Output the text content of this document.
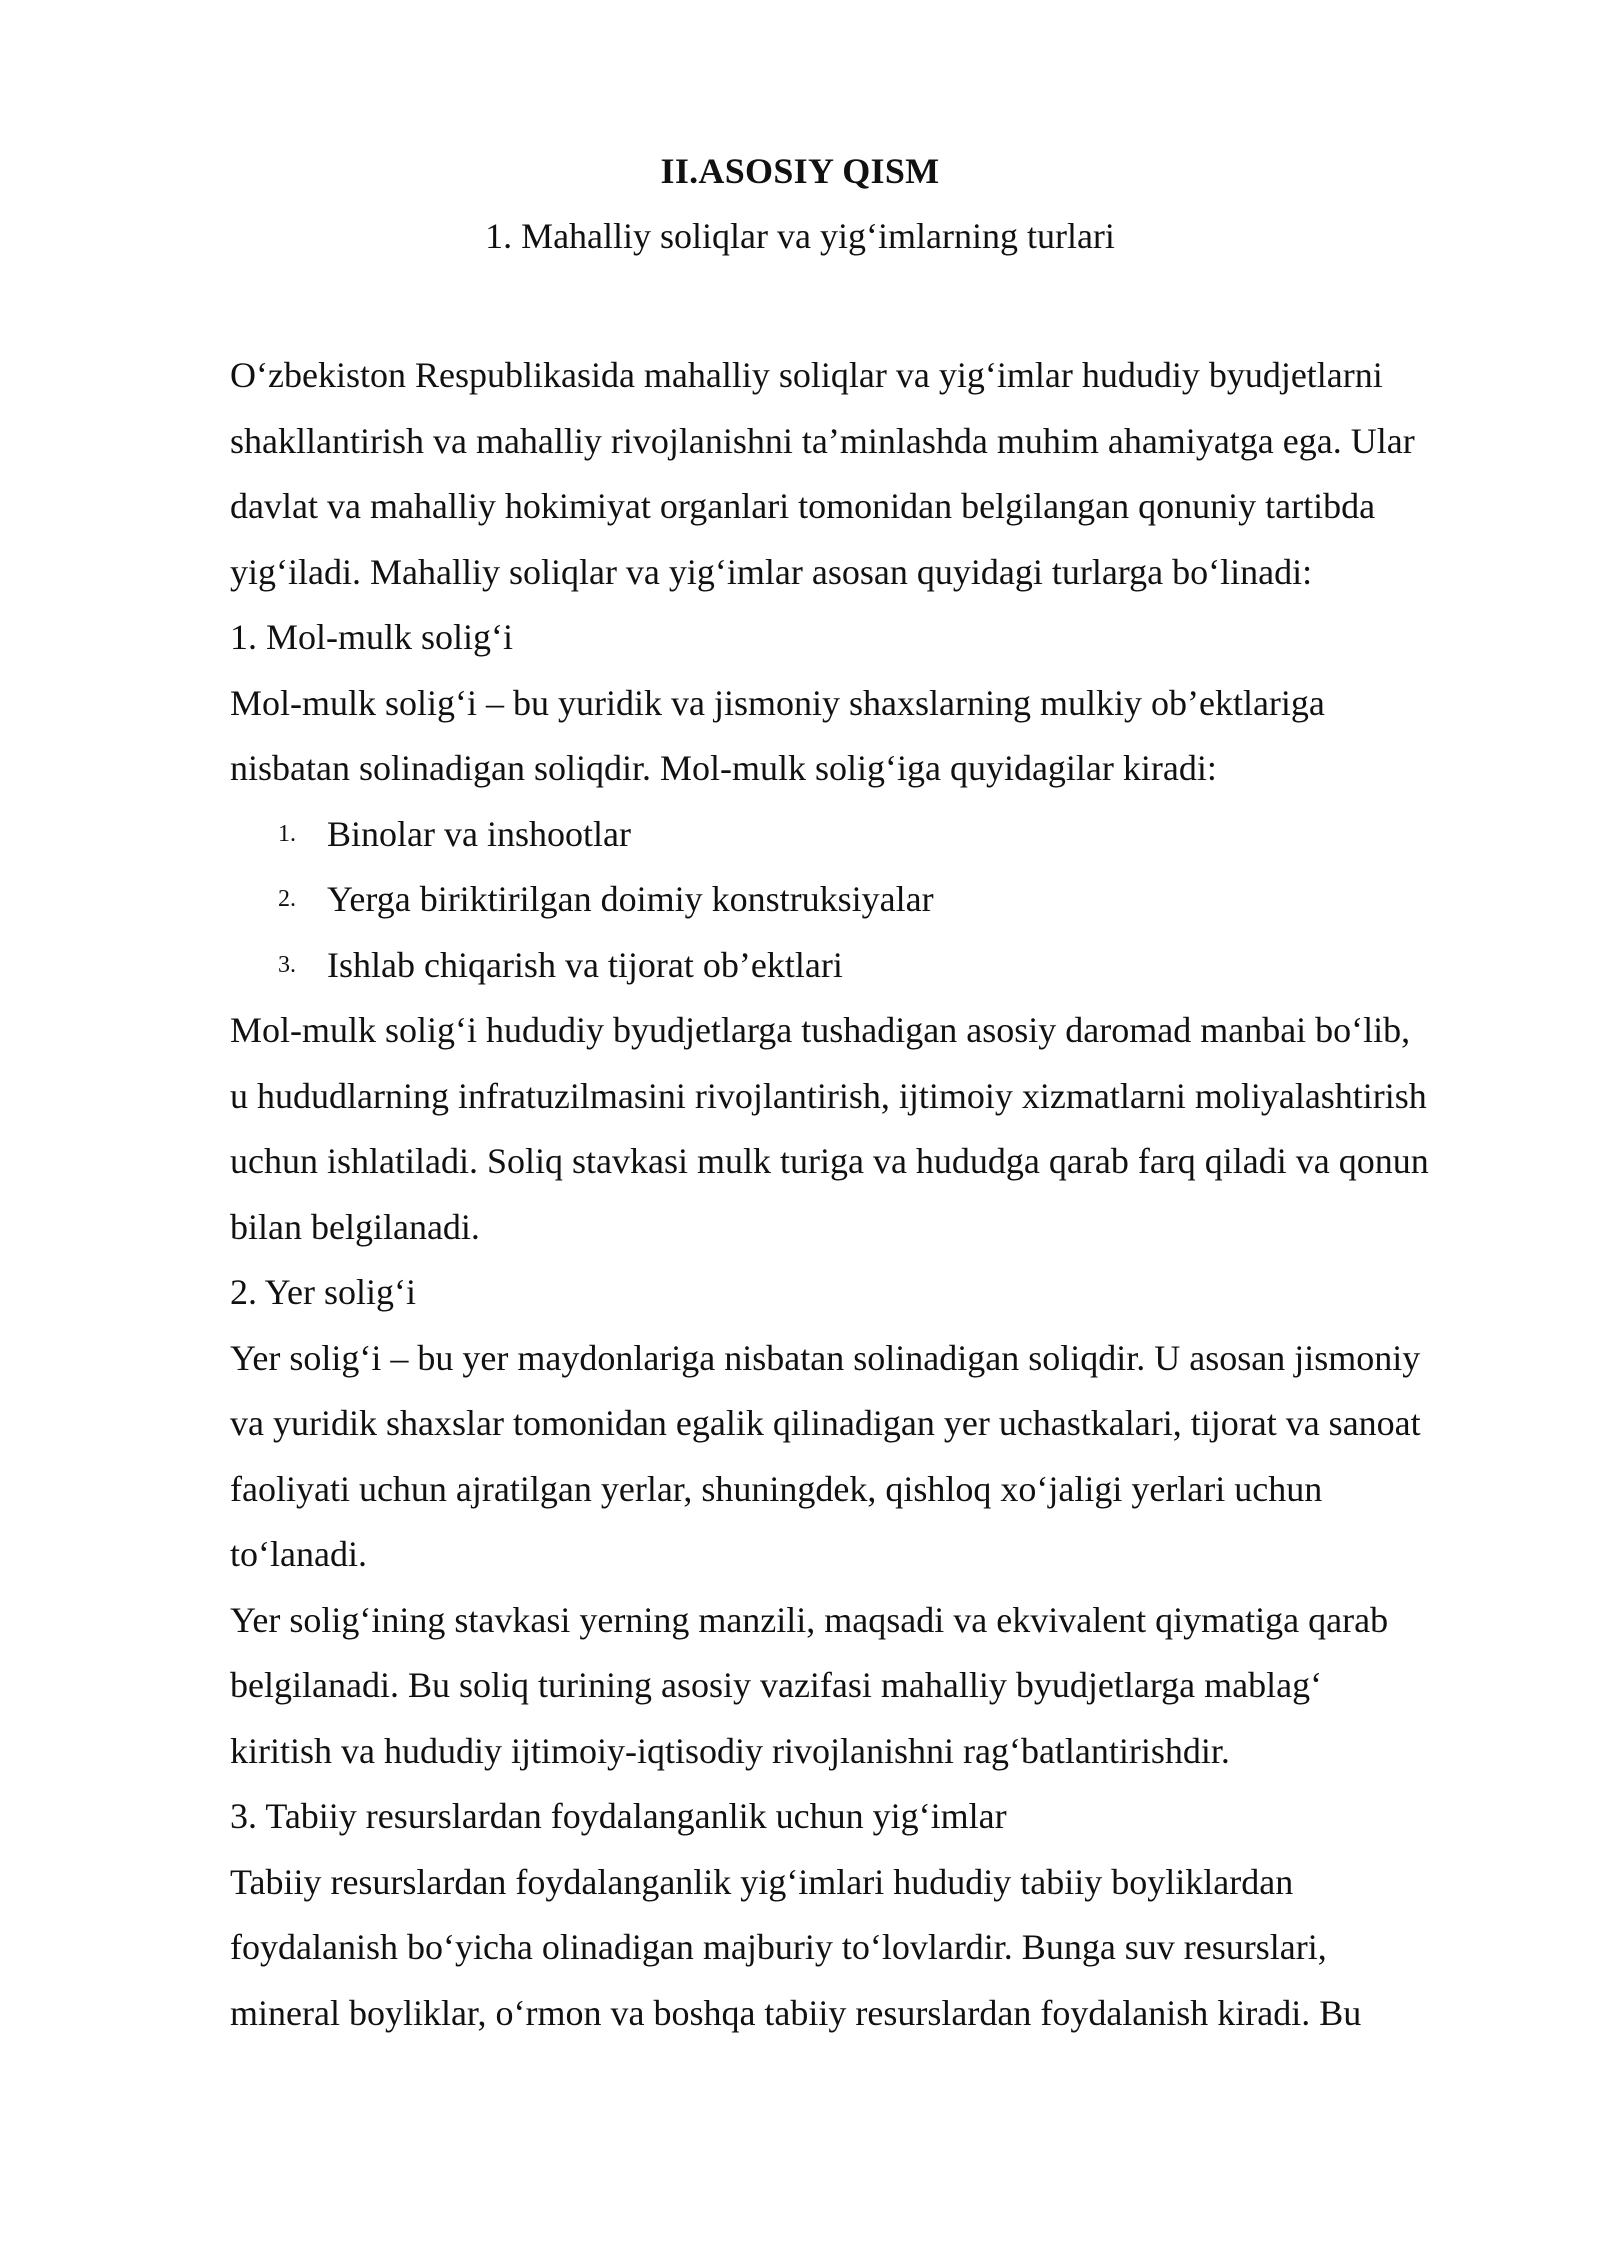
II.ASOSIY QISM
1. Mahalliy soliqlar va yig‘imlarning turlari
O‘zbekiston Respublikasida mahalliy soliqlar va yig‘imlar hududiy byudjetlarni
shakllantirish va mahalliy rivojlanishni ta’minlashda muhim ahamiyatga ega. Ular
davlat va mahalliy hokimiyat organlari tomonidan belgilangan qonuniy tartibda
yig‘iladi. Mahalliy soliqlar va yig‘imlar asosan quyidagi turlarga bo‘linadi:
1. Mol-mulk solig‘i
Mol-mulk solig‘i – bu yuridik va jismoniy shaxslarning mulkiy ob’ektlariga
nisbatan solinadigan soliqdir. Mol-mulk solig‘iga quyidagilar kiradi:
1. Binolar va inshootlar
2. Yerga biriktirilgan doimiy konstruksiyalar
3. Ishlab chiqarish va tijorat ob’ektlari
Mol-mulk solig‘i hududiy byudjetlarga tushadigan asosiy daromad manbai bo‘lib,
u hududlarning infratuzilmasini rivojlantirish, ijtimoiy xizmatlarni moliyalashtirish
uchun ishlatiladi. Soliq stavkasi mulk turiga va hududga qarab farq qiladi va qonun
bilan belgilanadi.
2. Yer solig‘i
Yer solig‘i – bu yer maydonlariga nisbatan solinadigan soliqdir. U asosan jismoniy
va yuridik shaxslar tomonidan egalik qilinadigan yer uchastkalari, tijorat va sanoat
faoliyati uchun ajratilgan yerlar, shuningdek, qishloq xo‘jaligi yerlari uchun
to‘lanadi.
Yer solig‘ining stavkasi yerning manzili, maqsadi va ekvivalent qiymatiga qarab
belgilanadi. Bu soliq turining asosiy vazifasi mahalliy byudjetlarga mablag‘
kiritish va hududiy ijtimoiy-iqtisodiy rivojlanishni rag‘batlantirishdir.
3. Tabiiy resurslardan foydalanganlik uchun yig‘imlar
Tabiiy resurslardan foydalanganlik yig‘imlari hududiy tabiiy boyliklardan
foydalanish bo‘yicha olinadigan majburiy to‘lovlardir. Bunga suv resurslari,
mineral boyliklar, o‘rmon va boshqa tabiiy resurslardan foydalanish kiradi. Bu
